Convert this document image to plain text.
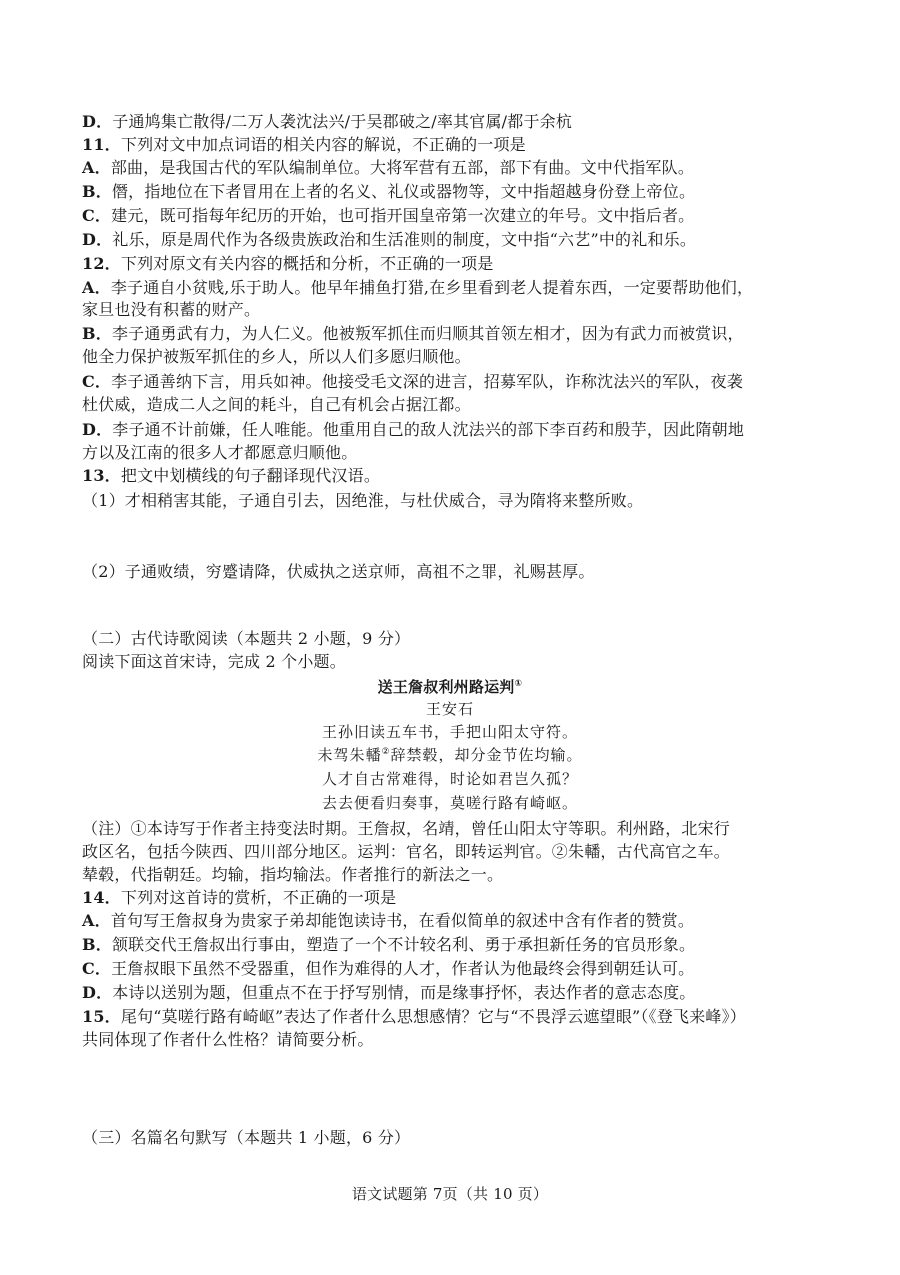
D．子通鸠集亡散得/二万人袭沈法兴/于吴郡破之/率其官属/都于余杭
11．下列对文中加点词语的相关内容的解说，不正确的一项是
A．部曲，是我国古代的军队编制单位。大将军营有五部，部下有曲。文中代指军队。
B．僭，指地位在下者冒用在上者的名义、礼仪或器物等，文中指超越身份登上帝位。
C．建元，既可指每年纪历的开始，也可指开国皇帝第一次建立的年号。文中指后者。
D．礼乐，原是周代作为各级贵族政治和生活准则的制度，文中指“六艺”中的礼和乐。
12．下列对原文有关内容的概括和分析，不正确的一项是
A．李子通自小贫贱,乐于助人。他早年捕鱼打猎,在乡里看到老人提着东西，一定要帮助他们，
家旦也没有积蓄的财产。
B．李子通勇武有力，为人仁义。他被叛军抓住而归顺其首领左相才，因为有武力而被赏识，
他全力保护被叛军抓住的乡人，所以人们多愿归顺他。
C．李子通善纳下言，用兵如神。他接受毛文深的进言，招募军队，诈称沈法兴的军队，夜袭
杜伏威，造成二人之间的耗斗，自己有机会占据江都。
D．李子通不计前嫌，任人唯能。他重用自己的敌人沈法兴的部下李百药和殷芋，因此隋朝地
方以及江南的很多人才都愿意归顺他。
13．把文中划横线的句子翻译现代汉语。
（1）才相稍害其能，子通自引去，因绝淮，与杜伏威合，寻为隋将来整所败。
（2）子通败绩，穷蹙请降，伏威执之送京师，高祖不之罪，礼赐甚厚。
（二）古代诗歌阅读（本题共 2 小题，9 分）
阅读下面这首宋诗，完成 2 个小题。
送王詹叔利州路运判①
王安石
王孙旧读五车书，手把山阳太守符。
未驾朱轓②辞禁毂，却分金节佐均输。
人才自古常难得，时论如君岂久孤？
去去便看归奏事，莫嗟行路有崎岖。
（注）①本诗写于作者主持变法时期。王詹叔，名靖，曾任山阳太守等职。利州路，北宋行
政区名，包括今陕西、四川部分地区。运判：官名，即转运判官。②朱轓，古代高官之车。
辇毂，代指朝廷。均输，指均输法。作者推行的新法之一。
14．下列对这首诗的赏析，不正确的一项是
A．首句写王詹叔身为贵家子弟却能饱读诗书，在看似简单的叙述中含有作者的赞赏。
B．颔联交代王詹叔出行事由，塑造了一个不计较名利、勇于承担新任务的官员形象。
C．王詹叔眼下虽然不受器重，但作为难得的人才，作者认为他最终会得到朝廷认可。
D．本诗以送别为题，但重点不在于抒写别情，而是缘事抒怀，表达作者的意志态度。
15．尾句“莫嗟行路有崎岖”表达了作者什么思想感情？它与“不畏浮云遮望眼”（《登飞来峰》）
共同体现了作者什么性格？请简要分析。
（三）名篇名句默写（本题共 1 小题，6 分）
语文试题第 7页（共 10 页）
